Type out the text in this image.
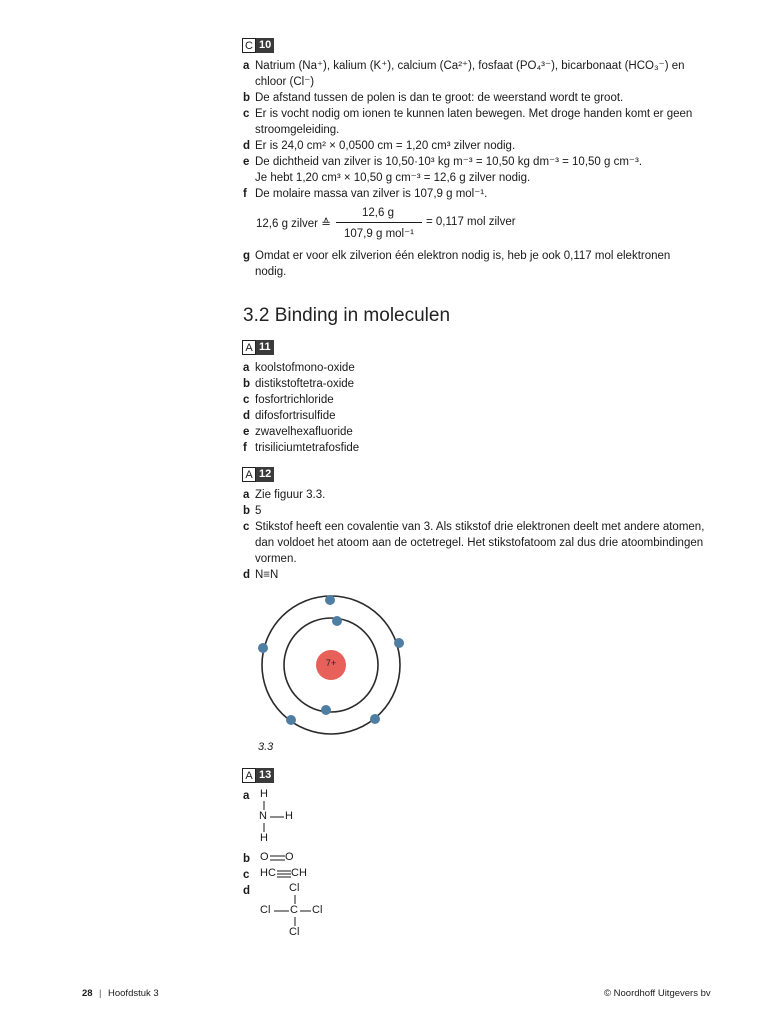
C 10
a Natrium (Na⁺), kalium (K⁺), calcium (Ca²⁺), fosfaat (PO₄³⁻), bicarbonaat (HCO₃⁻) en
chloor (Cl⁻)
b De afstand tussen de polen is dan te groot: de weerstand wordt te groot.
c Er is vocht nodig om ionen te kunnen laten bewegen. Met droge handen komt er geen
stroomgeleiding.
d Er is 24,0 cm² × 0,0500 cm = 1,20 cm³ zilver nodig.
e De dichtheid van zilver is 10,50·10³ kg m⁻³ = 10,50 kg dm⁻³ = 10,50 g cm⁻³.
Je hebt 1,20 cm³ × 10,50 g cm⁻³ = 12,6 g zilver nodig.
f De molaire massa van zilver is 107,9 g mol⁻¹.
12,6 g zilver ≙
12,6 g
107,9 g mol⁻¹
= 0,117 mol zilver
g Omdat er voor elk zilverion één elektron nodig is, heb je ook 0,117 mol elektronen
nodig.
3.2 Binding in moleculen
A 11
a koolstofmono-oxide
b distikstoftetra-oxide
c fosfortrichloride
d difosfortrisulfide
e zwavelhexafluoride
f trisiliciumtetrafosfide
A 12
a Zie figuur 3.3.
b 5
c Stikstof heeft een covalentie van 3. Als stikstof drie elektronen deelt met andere atomen,
dan voldoet het atoom aan de octetregel. Het stikstofatoom zal dus drie atoombindingen
vormen.
d N≡N
7+
3.3
A 13
a H
N H
H
b O O
c HC CH
d	Cl
Cl C Cl
Cl
28 | Hoofdstuk 3	© Noordhoff Uitgevers bv
